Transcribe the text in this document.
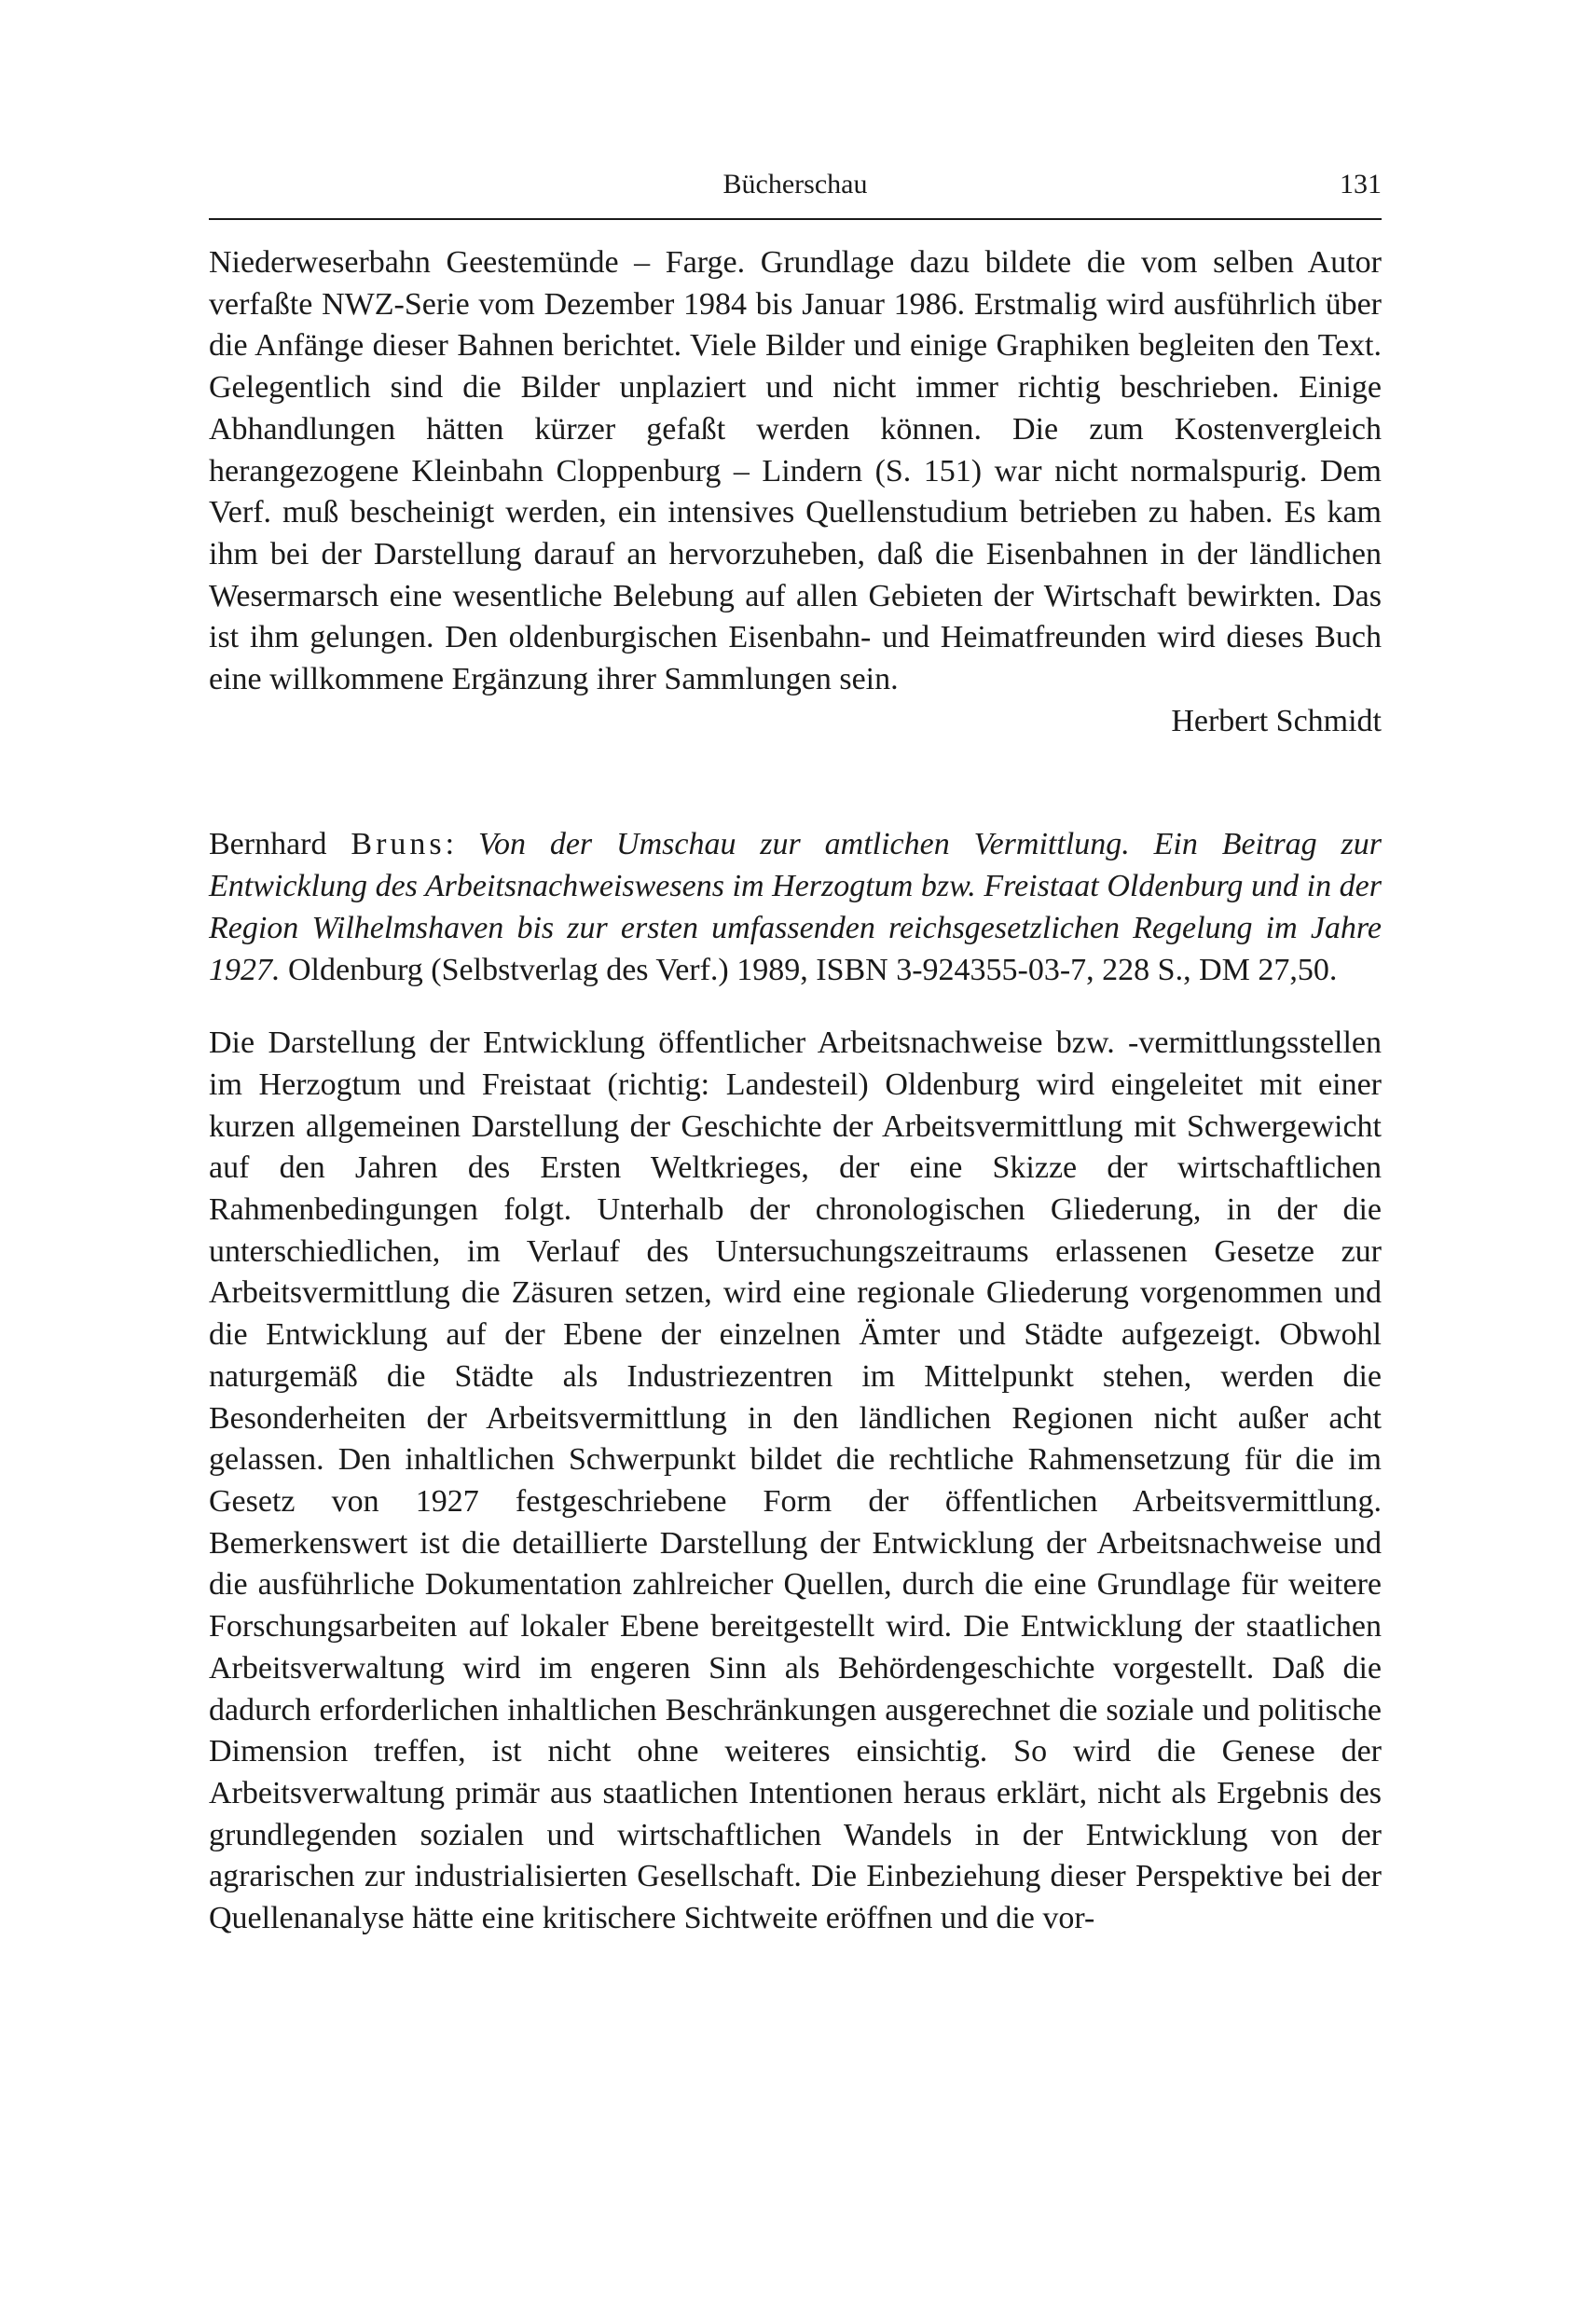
Bücherschau	131

Niederweserbahn Geestemünde – Farge. Grundlage dazu bildete die vom selben Autor verfaßte NWZ-Serie vom Dezember 1984 bis Januar 1986. Erstmalig wird ausführlich über die Anfänge dieser Bahnen berichtet. Viele Bilder und einige Graphiken begleiten den Text. Gelegentlich sind die Bilder unplaziert und nicht immer richtig beschrieben. Einige Abhandlungen hätten kürzer gefaßt werden können. Die zum Kostenvergleich herangezogene Kleinbahn Cloppenburg – Lindern (S. 151) war nicht normalspurig. Dem Verf. muß bescheinigt werden, ein intensives Quellenstudium betrieben zu haben. Es kam ihm bei der Darstellung darauf an hervorzuheben, daß die Eisenbahnen in der ländlichen Wesermarsch eine wesentliche Belebung auf allen Gebieten der Wirtschaft bewirkten. Das ist ihm gelungen. Den oldenburgischen Eisenbahn- und Heimatfreunden wird dieses Buch eine willkommene Ergänzung ihrer Sammlungen sein.

Herbert Schmidt

Bernhard Bruns: Von der Umschau zur amtlichen Vermittlung. Ein Beitrag zur Entwicklung des Arbeitsnachweiswesens im Herzogtum bzw. Freistaat Oldenburg und in der Region Wilhelmshaven bis zur ersten umfassenden reichsgesetzlichen Regelung im Jahre 1927. Oldenburg (Selbstverlag des Verf.) 1989, ISBN 3-924355-03-7, 228 S., DM 27,50.

Die Darstellung der Entwicklung öffentlicher Arbeitsnachweise bzw. -vermittlungsstellen im Herzogtum und Freistaat (richtig: Landesteil) Oldenburg wird eingeleitet mit einer kurzen allgemeinen Darstellung der Geschichte der Arbeitsvermittlung mit Schwergewicht auf den Jahren des Ersten Weltkrieges, der eine Skizze der wirtschaftlichen Rahmenbedingungen folgt. Unterhalb der chronologischen Gliederung, in der die unterschiedlichen, im Verlauf des Untersuchungszeitraums erlassenen Gesetze zur Arbeitsvermittlung die Zäsuren setzen, wird eine regionale Gliederung vorgenommen und die Entwicklung auf der Ebene der einzelnen Ämter und Städte aufgezeigt. Obwohl naturgemäß die Städte als Industriezentren im Mittelpunkt stehen, werden die Besonderheiten der Arbeitsvermittlung in den ländlichen Regionen nicht außer acht gelassen. Den inhaltlichen Schwerpunkt bildet die rechtliche Rahmensetzung für die im Gesetz von 1927 festgeschriebene Form der öffentlichen Arbeitsvermittlung. Bemerkenswert ist die detaillierte Darstellung der Entwicklung der Arbeitsnachweise und die ausführliche Dokumentation zahlreicher Quellen, durch die eine Grundlage für weitere Forschungsarbeiten auf lokaler Ebene bereitgestellt wird. Die Entwicklung der staatlichen Arbeitsverwaltung wird im engeren Sinn als Behördengeschichte vorgestellt. Daß die dadurch erforderlichen inhaltlichen Beschränkungen ausgerechnet die soziale und politische Dimension treffen, ist nicht ohne weiteres einsichtig. So wird die Genese der Arbeitsverwaltung primär aus staatlichen Intentionen heraus erklärt, nicht als Ergebnis des grundlegenden sozialen und wirtschaftlichen Wandels in der Entwicklung von der agrarischen zur industrialisierten Gesellschaft. Die Einbeziehung dieser Perspektive bei der Quellenanalyse hätte eine kritischere Sichtweite eröffnen und die vor-
